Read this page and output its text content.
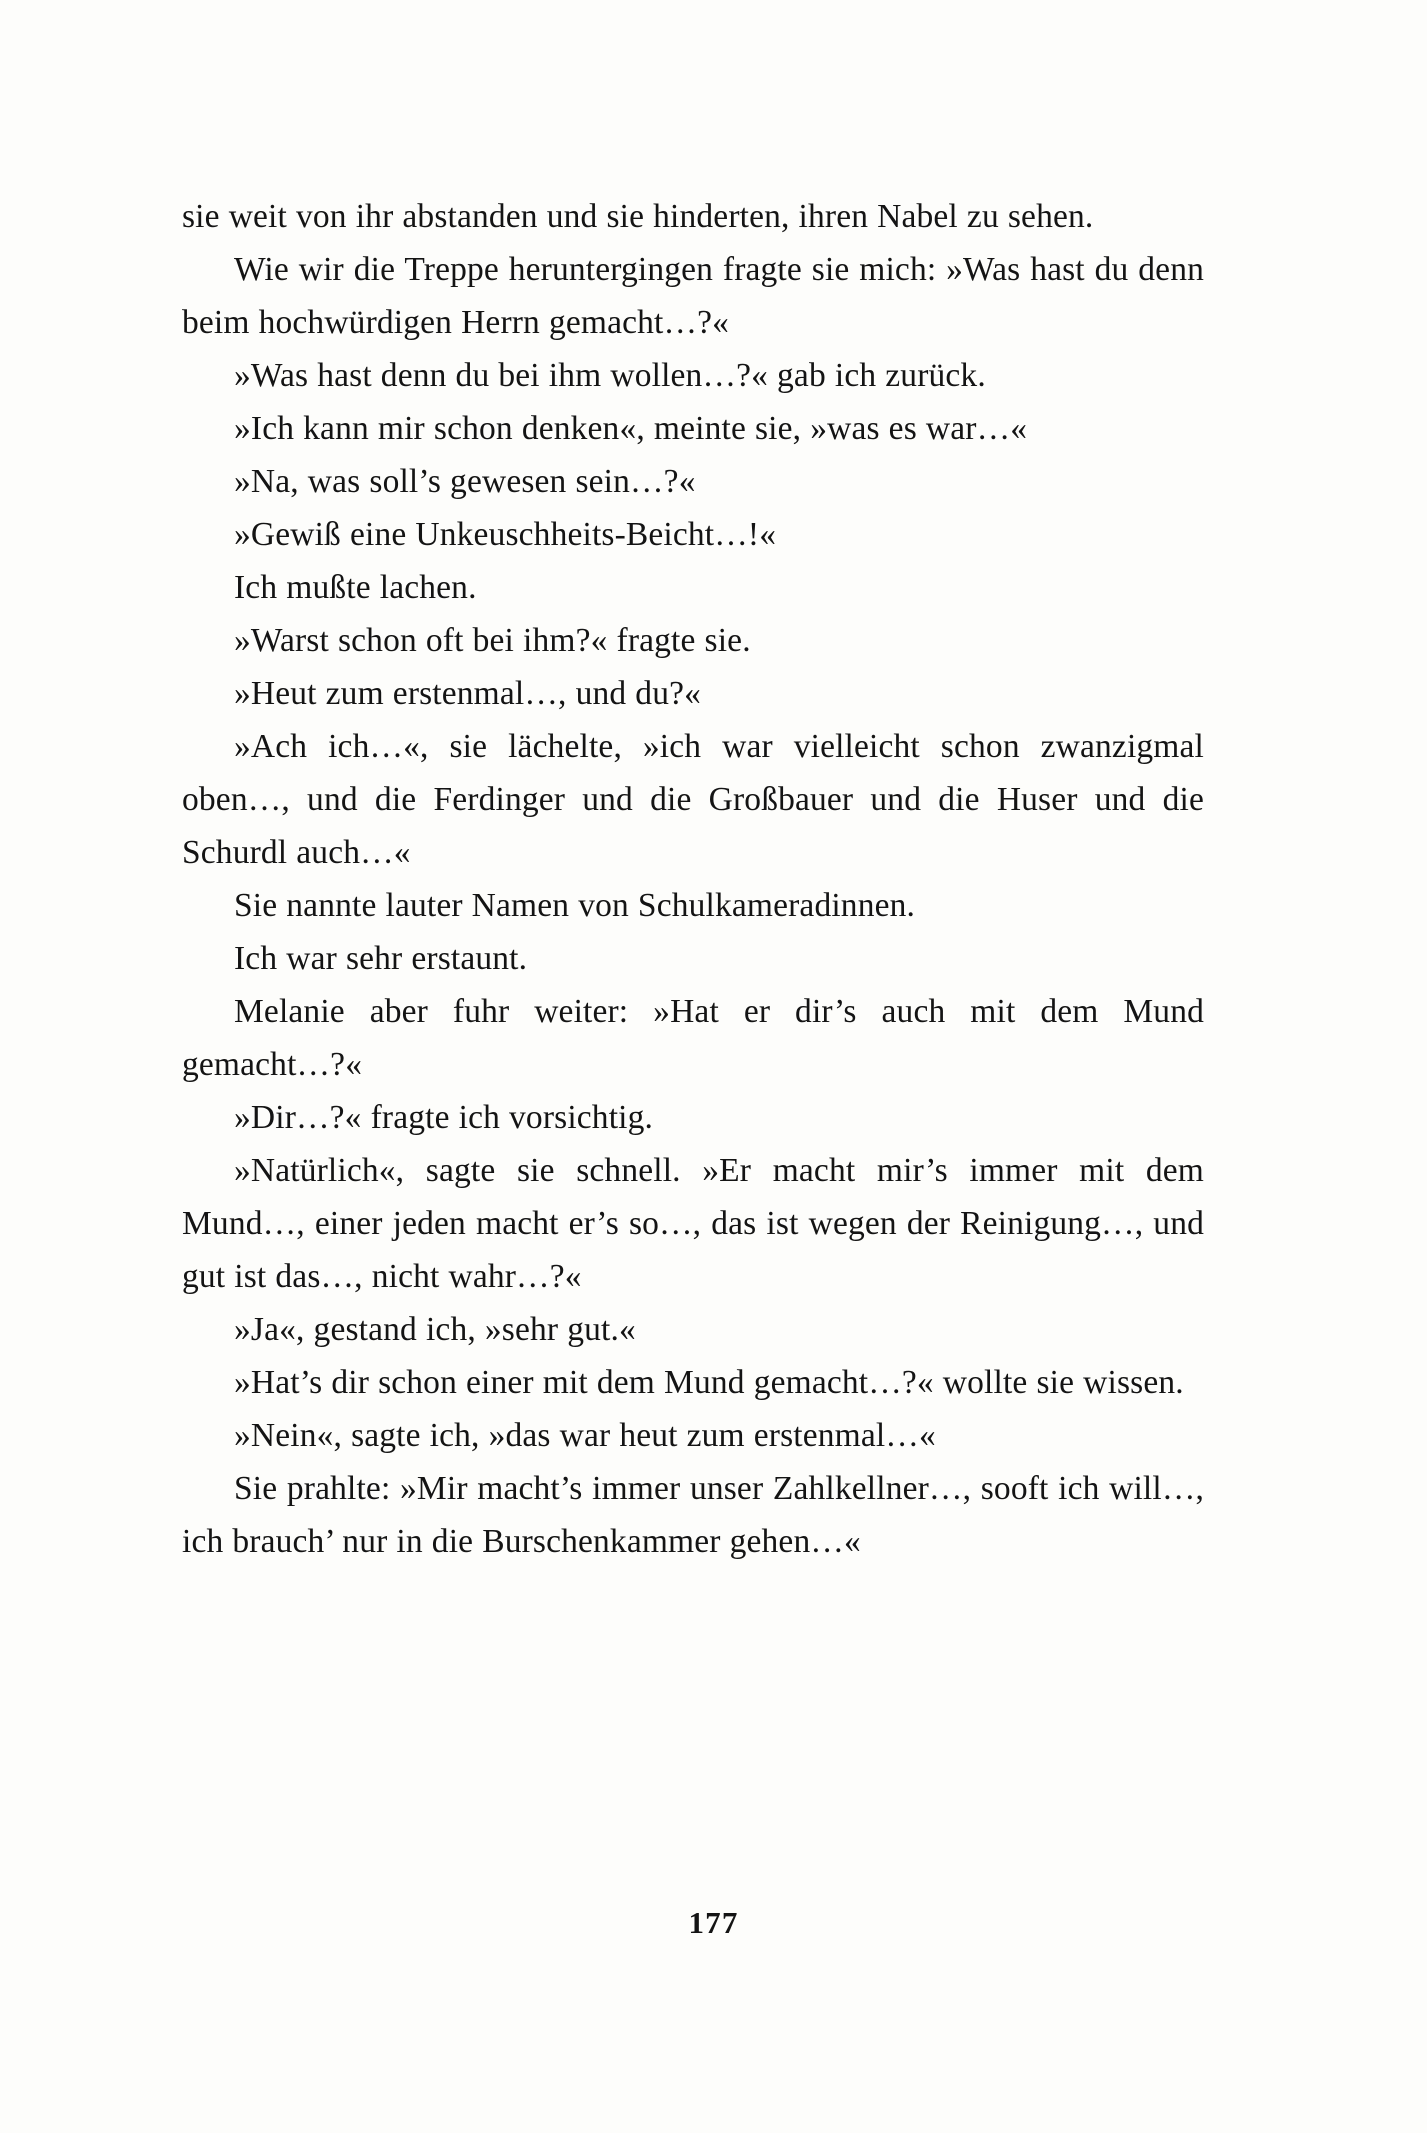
sie weit von ihr abstanden und sie hinderten, ihren Nabel zu sehen.

Wie wir die Treppe heruntergingen fragte sie mich: »Was hast du denn beim hochwürdigen Herrn gemacht…?«

»Was hast denn du bei ihm wollen…?« gab ich zurück.

»Ich kann mir schon denken«, meinte sie, »was es war…«

»Na, was soll’s gewesen sein…?«

»Gewiß eine Unkeuschheits-Beicht…!«

Ich mußte lachen.

»Warst schon oft bei ihm?« fragte sie.

»Heut zum erstenmal…, und du?«

»Ach ich…«, sie lächelte, »ich war vielleicht schon zwanzigmal oben…, und die Ferdinger und die Großbauer und die Huser und die Schurdl auch…«

Sie nannte lauter Namen von Schulkameradinnen.

Ich war sehr erstaunt.

Melanie aber fuhr weiter: »Hat er dir’s auch mit dem Mund gemacht…?«

»Dir…?« fragte ich vorsichtig.

»Natürlich«, sagte sie schnell. »Er macht mir’s immer mit dem Mund…, einer jeden macht er’s so…, das ist wegen der Reinigung…, und gut ist das…, nicht wahr…?«

»Ja«, gestand ich, »sehr gut.«

»Hat’s dir schon einer mit dem Mund gemacht…?« wollte sie wissen.

»Nein«, sagte ich, »das war heut zum erstenmal…«

Sie prahlte: »Mir macht’s immer unser Zahlkellner…, sooft ich will…, ich brauch’ nur in die Burschenkammer gehen…«

177
